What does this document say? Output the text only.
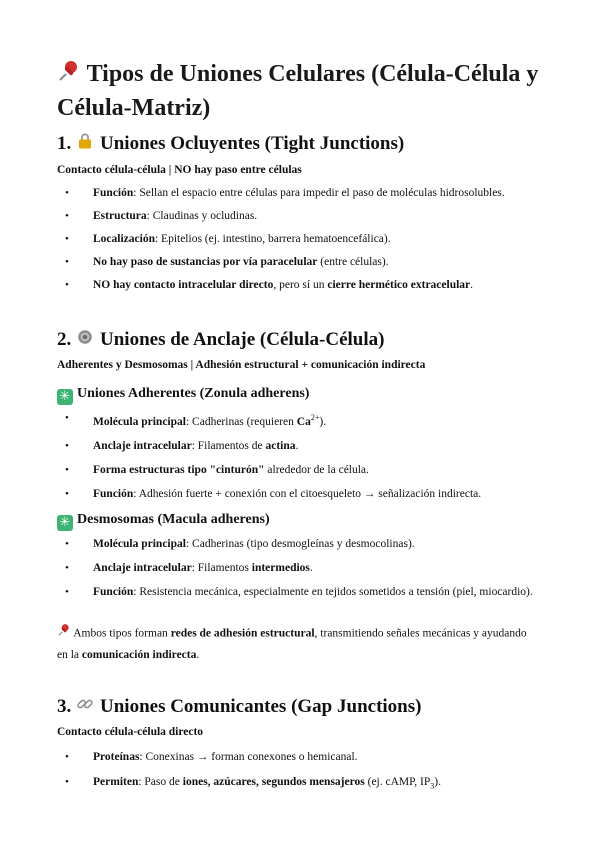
Tipos de Uniones Celulares (Célula-Célula y Célula-Matriz)
1. Uniones Ocluyentes (Tight Junctions)
Contacto célula-célula | NO hay paso entre células
• Función: Sellan el espacio entre células para impedir el paso de moléculas hidrosolubles.
• Estructura: Claudinas y ocludinas.
• Localización: Epitelios (ej. intestino, barrera hematoencefálica).
• No hay paso de sustancias por vía paracelular (entre células).
• NO hay contacto intracelular directo, pero sí un cierre hermético extracelular.
2. Uniones de Anclaje (Célula-Célula)
Adherentes y Desmosomas | Adhesión estructural + comunicación indirecta
✳ Uniones Adherentes (Zonula adherens)
• Molécula principal: Cadherinas (requieren $Ca^{2+}$).
• Anclaje intracelular: Filamentos de actina.
• Forma estructuras tipo "cinturón" alrededor de la célula.
• Función: Adhesión fuerte + conexión con el citoesqueleto → señalización indirecta.
✳ Desmosomas (Macula adherens)
• Molécula principal: Cadherinas (tipo desmogleínas y desmocolinas).
• Anclaje intracelular: Filamentos intermedios.
• Función: Resistencia mecánica, especialmente en tejidos sometidos a tensión (piel, miocardio).
Ambos tipos forman redes de adhesión estructural, transmitiendo señales mecánicas y ayudando en la comunicación indirecta.
3. Uniones Comunicantes (Gap Junctions)
Contacto célula-célula directo
• Proteínas: Conexinas → forman conexones o hemicanal.
• Permiten: Paso de iones, azúcares, segundos mensajeros (ej. cAMP, $IP_3$).
